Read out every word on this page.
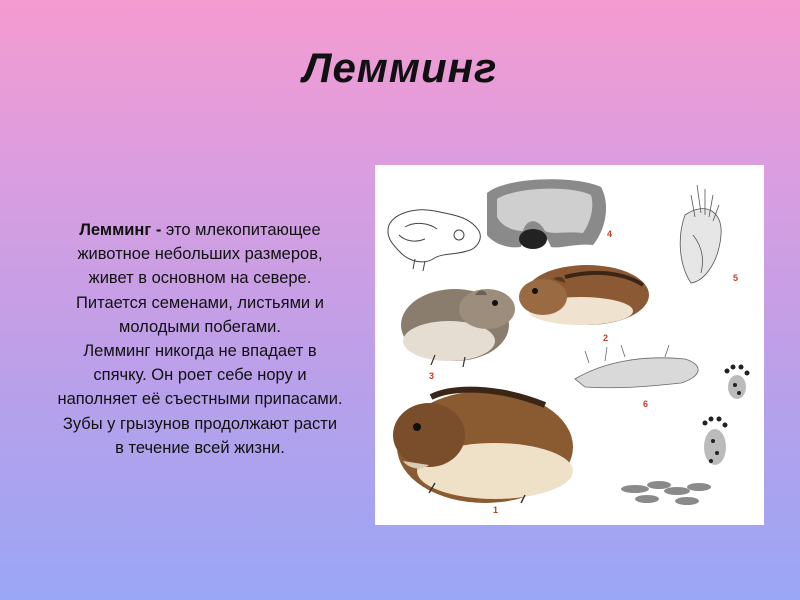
Лемминг
Лемминг - это млекопитающее
животное небольших размеров,
живет в основном на севере.
Питается семенами, листьями и
молодыми побегами.
Лемминг никогда не впадает в
спячку. Он роет себе нору и
наполняет её съестными припасами.
Зубы у грызунов продолжают расти
в течение всей жизни.
4
5
3
2
6
1
